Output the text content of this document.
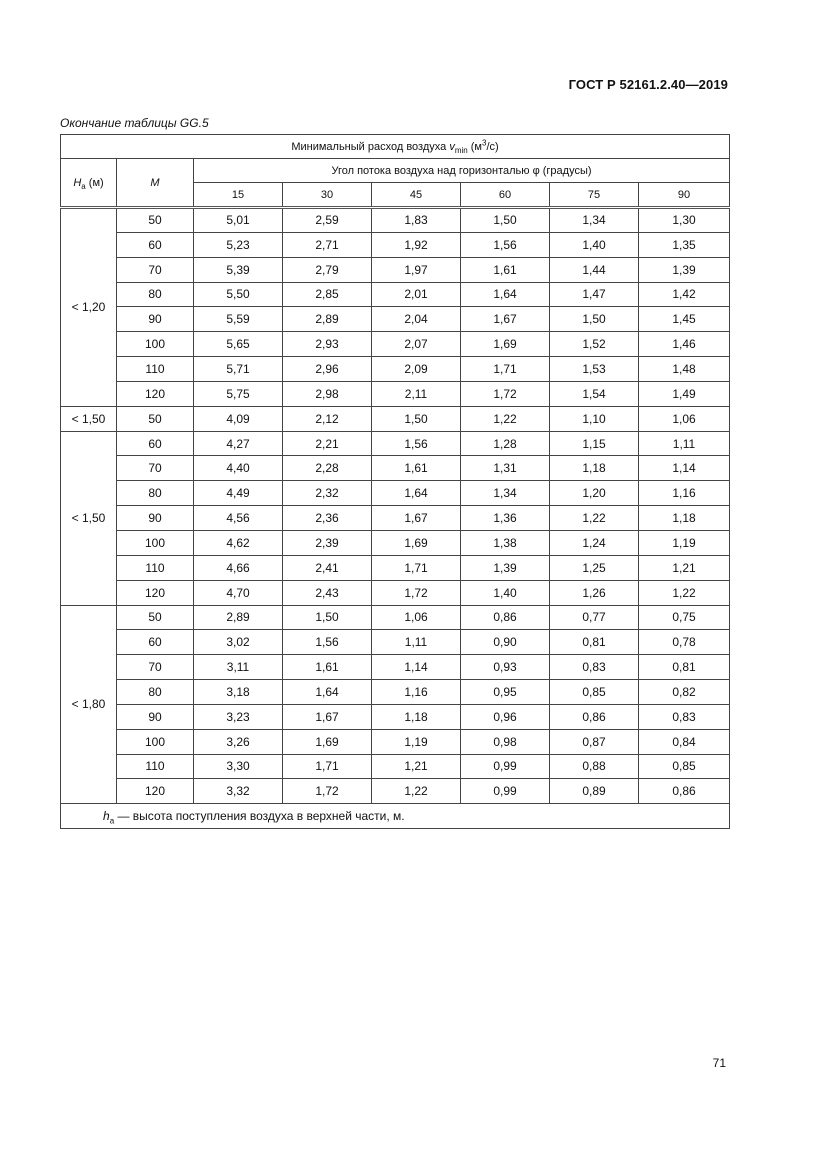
ГОСТ Р 52161.2.40—2019
Окончание таблицы GG.5
Минимальный расход воздуха $v_{min}$ $(м^3/с)$							
$H_a$ (м)	M	Угол потока воздуха над горизонталью φ (градусы)					
		15	30	45	60	75	90
< 1,20	50	5,01	2,59	1,83	1,50	1,34	1,30
	60	5,23	2,71	1,92	1,56	1,40	1,35
	70	5,39	2,79	1,97	1,61	1,44	1,39
	80	5,50	2,85	2,01	1,64	1,47	1,42
	90	5,59	2,89	2,04	1,67	1,50	1,45
	100	5,65	2,93	2,07	1,69	1,52	1,46
	110	5,71	2,96	2,09	1,71	1,53	1,48
	120	5,75	2,98	2,11	1,72	1,54	1,49
< 1,50	50	4,09	2,12	1,50	1,22	1,10	1,06
< 1,50	60	4,27	2,21	1,56	1,28	1,15	1,11
	70	4,40	2,28	1,61	1,31	1,18	1,14
	80	4,49	2,32	1,64	1,34	1,20	1,16
	90	4,56	2,36	1,67	1,36	1,22	1,18
	100	4,62	2,39	1,69	1,38	1,24	1,19
	110	4,66	2,41	1,71	1,39	1,25	1,21
	120	4,70	2,43	1,72	1,40	1,26	1,22
< 1,80	50	2,89	1,50	1,06	0,86	0,77	0,75
	60	3,02	1,56	1,11	0,90	0,81	0,78
	70	3,11	1,61	1,14	0,93	0,83	0,81
	80	3,18	1,64	1,16	0,95	0,85	0,82
	90	3,23	1,67	1,18	0,96	0,86	0,83
	100	3,26	1,69	1,19	0,98	0,87	0,84
	110	3,30	1,71	1,21	0,99	0,88	0,85
	120	3,32	1,72	1,22	0,99	0,89	0,86
$h_a$ — высота поступления воздуха в верхней части, м.							
71
